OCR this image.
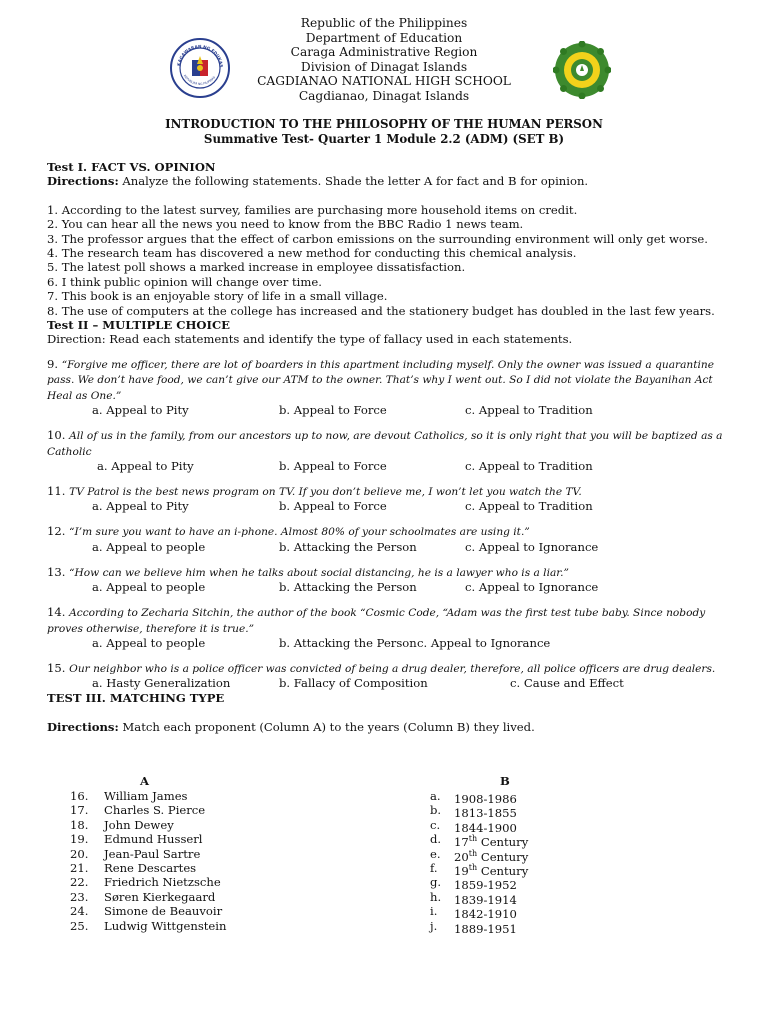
KAGAWARAN NG EDUKAS
REPUBLIKA NG PILIPINAS
Republic of the Philippines
Department of Education
Caraga Administrative Region
Division of Dinagat Islands
CAGDIANAO NATIONAL HIGH SCHOOL
Cagdianao, Dinagat Islands
INTRODUCTION TO THE PHILOSOPHY OF THE HUMAN PERSON
Summative Test- Quarter 1 Module 2.2 (ADM) (SET B)
Test I. FACT VS. OPINION
Directions: Analyze the following statements. Shade the letter A for fact and B for opinion.
1. According to the latest survey, families are purchasing more household items on credit.
2. You can hear all the news you need to know from the BBC Radio 1 news team.
3. The professor argues that the effect of carbon emissions on the surrounding environment will only get worse.
4. The research team has discovered a new method for conducting this chemical analysis.
5. The latest poll shows a marked increase in employee dissatisfaction.
6. I think public opinion will change over time.
7. This book is an enjoyable story of life in a small village.
8. The use of computers at the college has increased and the stationery budget has doubled in the last few years.
Test II – MULTIPLE CHOICE
Direction: Read each statements and identify the type of fallacy used in each statements.
9. “Forgive me officer, there are lot of boarders in this apartment including myself. Only the owner was issued a quarantine pass. We don’t have food, we can’t give our ATM to the owner. That’s why I went out. So I did not violate the Bayanihan Act Heal as One.”
a. Appeal to Pity	b. Appeal to Force	c. Appeal to Tradition
10. All of us in the family, from our ancestors up to now, are devout Catholics, so it is only right that you will be baptized as a Catholic
a. Appeal to Pity	b. Appeal to Force	c. Appeal to Tradition
11. TV Patrol is the best news program on TV. If you don’t believe me, I won’t let you watch the TV.
a. Appeal to Pity	b. Appeal to Force	c. Appeal to Tradition
12. “I’m sure you want to have an i-phone. Almost 80% of your schoolmates are using it.”
a. Appeal to people	b. Attacking the Person	c. Appeal to Ignorance
13. “How can we believe him when he talks about social distancing, he is a lawyer who is a liar.”
a. Appeal to people	b. Attacking the Person	c. Appeal to Ignorance
14. According to Zecharia Sitchin, the author of the book “Cosmic Code, “Adam was the first test tube baby. Since nobody proves otherwise, therefore it is true.”
a. Appeal to people	b. Attacking the Person c. Appeal to Ignorance
15. Our neighbor who is a police officer was convicted of being a drug dealer, therefore, all police officers are drug dealers.
a. Hasty Generalization	b. Fallacy of Composition	c. Cause and Effect
TEST III. MATCHING TYPE
Directions: Match each proponent (Column A) to the years (Column B) they lived.
A	B
16. William James	a. 1908-1986
17. Charles S. Pierce	b. 1813-1855
18. John Dewey	c. 1844-1900
19. Edmund Husserl	d. 17th Century
20. Jean-Paul Sartre	e. 20th Century
21. Rene Descartes	f. 19th Century
22. Friedrich Nietzsche	g. 1859-1952
23. Søren Kierkegaard	h. 1839-1914
24. Simone de Beauvoir	i. 1842-1910
25. Ludwig Wittgenstein	j. 1889-1951
